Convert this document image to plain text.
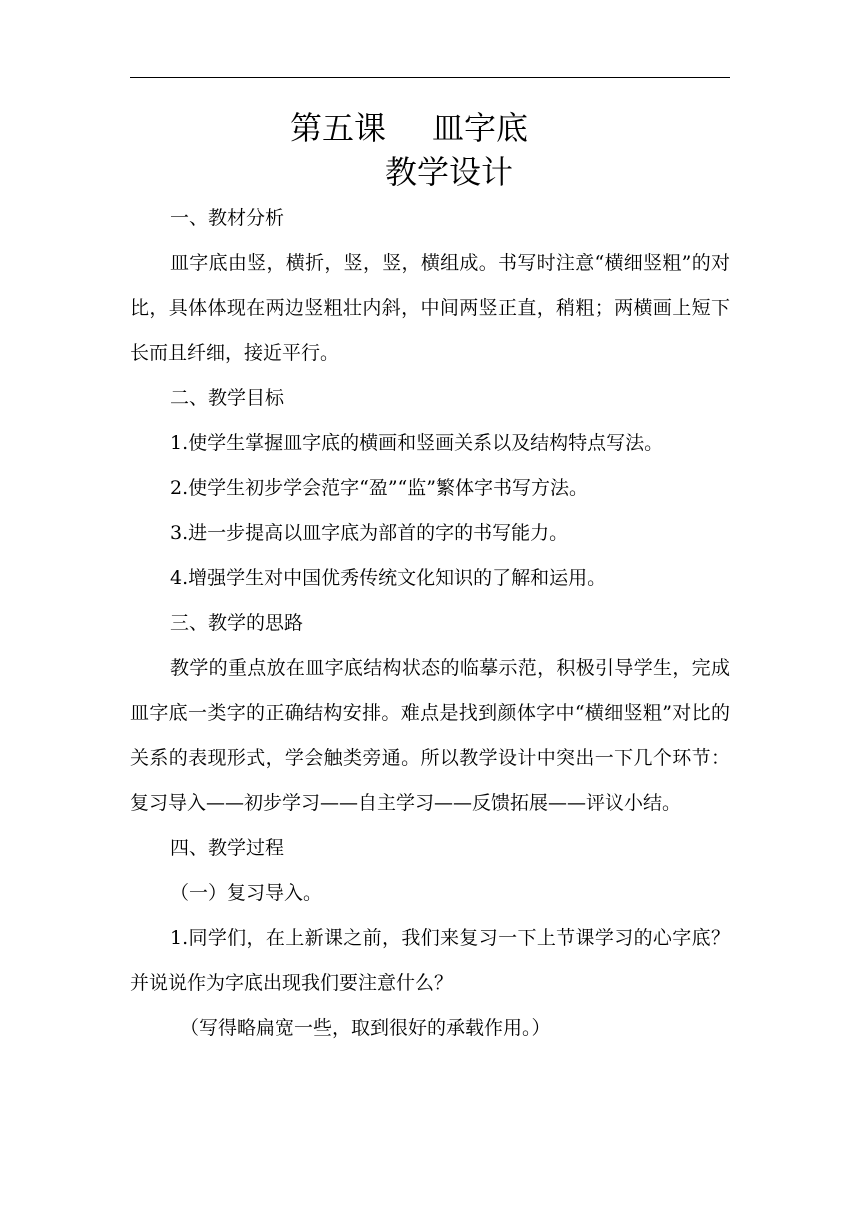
第五课 皿字底
教学设计

一、教材分析

皿字底由竖，横折，竖，竖，横组成。书写时注意“横细竖粗”的对比，具体体现在两边竖粗壮内斜，中间两竖正直，稍粗；两横画上短下长而且纤细，接近平行。

二、教学目标

1.使学生掌握皿字底的横画和竖画关系以及结构特点写法。

2.使学生初步学会范字“盈”“监”繁体字书写方法。

3.进一步提高以皿字底为部首的字的书写能力。

4.增强学生对中国优秀传统文化知识的了解和运用。

三、教学的思路

教学的重点放在皿字底结构状态的临摹示范，积极引导学生，完成皿字底一类字的正确结构安排。难点是找到颜体字中“横细竖粗”对比的关系的表现形式，学会触类旁通。所以教学设计中突出一下几个环节：复习导入——初步学习——自主学习——反馈拓展——评议小结。

四、教学过程

（一）复习导入。

1.同学们，在上新课之前，我们来复习一下上节课学习的心字底？并说说作为字底出现我们要注意什么？

（写得略扁宽一些，取到很好的承载作用。）
